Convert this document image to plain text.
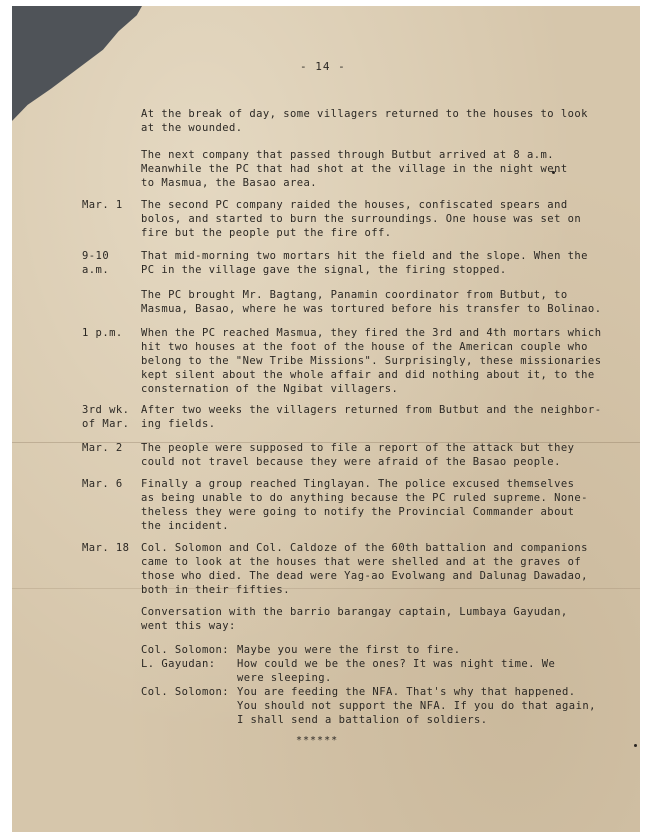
- 14 -
At the break of day, some villagers returned to the houses to look
at the wounded.
The next company that passed through Butbut arrived at 8 a.m.
Meanwhile the PC that had shot at the village in the night went
to Masmua, the Basao area.
Mar. 1 The second PC company raided the houses, confiscated spears and
bolos, and started to burn the surroundings. One house was set on
fire but the people put the fire off.
9-10
a.m.
That mid-morning two mortars hit the field and the slope. When the
PC in the village gave the signal, the firing stopped.
The PC brought Mr. Bagtang, Panamin coordinator from Butbut, to
Masmua, Basao, where he was tortured before his transfer to Bolinao.
1 p.m. When the PC reached Masmua, they fired the 3rd and 4th mortars which
hit two houses at the foot of the house of the American couple who
belong to the "New Tribe Missions". Surprisingly, these missionaries
kept silent about the whole affair and did nothing about it, to the
consternation of the Ngibat villagers.
3rd wk.
of Mar.
After two weeks the villagers returned from Butbut and the neighbor-
ing fields.
Mar. 2 The people were supposed to file a report of the attack but they
could not travel because they were afraid of the Basao people.
Mar. 6 Finally a group reached Tinglayan. The police excused themselves
as being unable to do anything because the PC ruled supreme. None-
theless they were going to notify the Provincial Commander about
the incident.
Mar. 18 Col. Solomon and Col. Caldoze of the 60th battalion and companions
came to look at the houses that were shelled and at the graves of
those who died. The dead were Yag-ao Evolwang and Dalunag Dawadao,
both in their fifties.
Conversation with the barrio barangay captain, Lumbaya Gayudan,
went this way:
Col. Solomon: Maybe you were the first to fire.
L. Gayudan: How could we be the ones? It was night time. We
were sleeping.
Col. Solomon: You are feeding the NFA. That's why that happened.
You should not support the NFA. If you do that again,
I shall send a battalion of soldiers.
******
